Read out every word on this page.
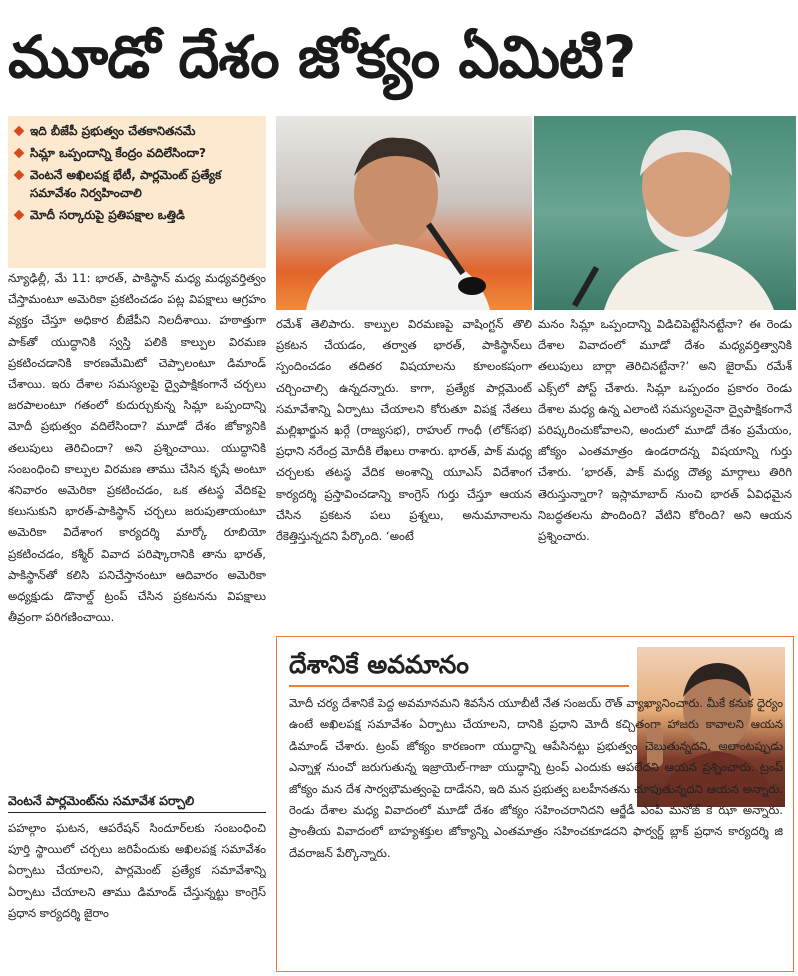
మూడో దేశం జోక్యం ఏమిటి?
ఇది బీజేపీ ప్రభుత్వం చేతకానితనమే
సిమ్లా ఒప్పందాన్ని కేంద్రం వదిలేసిందా?
వెంటనే అఖిలపక్ష భేటీ, పార్లమెంట్ ప్రత్యేక సమావేశం నిర్వహించాలి
మోదీ సర్కారుపై ప్రతిపక్షాల ఒత్తిడి

న్యూఢిల్లీ, మే 11: భారత్, పాకిస్థాన్ మధ్య మధ్యవర్తిత్వం చేస్తామంటూ అమెరికా ప్రకటించడం పట్ల విపక్షాలు ఆగ్రహం వ్యక్తం చేస్తూ అధికార బీజేపీని నిలదీశాయి. హఠాత్తుగా పాక్‌తో యుద్ధానికి స్వస్తి పలికి కాల్పుల విరమణ ప్రకటించడానికి కారణమేమిటో చెప్పాలంటూ డిమాండ్ చేశాయి. ఇరు దేశాల సమస్యలపై ద్వైపాక్షికంగానే చర్చలు జరపాలంటూ గతంలో కుదుర్చుకున్న సిమ్లా ఒప్పందాన్ని మోదీ ప్రభుత్వం వదిలేసిందా? మూడో దేశం జోక్యానికి తలుపులు తెరిచిందా? అని ప్రశ్నించాయి. యుద్ధానికి సంబంధించి కాల్పుల విరమణ తాము చేసిన కృషే అంటూ శనివారం అమెరికా ప్రకటించడం, ఒక తటస్థ వేదికపై కలుసుకుని భారత్-పాకిస్థాన్ చర్చలు జరుపుతాయంటూ అమెరికా విదేశాంగ కార్యదర్శి మార్కో రూబియో ప్రకటించడం, కశ్మీర్ వివాద పరిష్కారానికి తాను భారత్, పాకిస్థాన్‌తో కలిసి పనిచేస్తానంటూ ఆదివారం అమెరికా అధ్యక్షుడు డొనాల్డ్ ట్రంప్ చేసిన ప్రకటనను విపక్షాలు తీవ్రంగా పరిగణించాయి.

వెంటనే పార్లమెంట్‌ను సమావేశ పర్చాలి

పహల్గాం ఘటన, ఆపరేషన్ సిందూర్‌లకు సంబంధించి పూర్తి స్థాయిలో చర్చలు జరిపేందుకు అఖిలపక్ష సమావేశం ఏర్పాటు చేయాలని, పార్లమెంట్ ప్రత్యేక సమావేశాన్ని ఏర్పాటు చేయాలని తాము డిమాండ్ చేస్తున్నట్టు కాంగ్రెస్ ప్రధాన కార్యదర్శి జైరాం

రమేశ్ తెలిపారు. కాల్పుల విరమణపై వాషింగ్టన్ తొలి ప్రకటన చేయడం, తర్వాత భారత్, పాకిస్థాన్‌లు స్పందించడం తదితర విషయాలను కూలంకషంగా చర్చించాల్సి ఉన్నదన్నారు. కాగా, ప్రత్యేక పార్లమెంట్ సమావేశాన్ని ఏర్పాటు చేయాలని కోరుతూ విపక్ష నేతలు మల్లిఖార్జున ఖర్గే (రాజ్యసభ), రాహుల్ గాంధీ (లోక్‌సభ) ప్రధాని నరేంద్ర మోదీకి లేఖలు రాశారు. భారత్, పాక్ మధ్య చర్చలకు తటస్థ వేదిక అంశాన్ని యూఎస్ విదేశాంగ కార్యదర్శి ప్రస్తావించడాన్ని కాంగ్రెస్ గుర్తు చేస్తూ ఆయన చేసిన ప్రకటన పలు ప్రశ్నలు, అనుమానాలను రేకెత్తిస్తున్నదని పేర్కొంది. ‘అంటే

మనం సిమ్లా ఒప్పందాన్ని విడిచిపెట్టేసినట్టేనా? ఈ రెండు దేశాల వివాదంలో మూడో దేశం మధ్యవర్తిత్వానికి తలుపులు బార్లా తెరిచినట్టేనా?’ అని జైరామ్ రమేశ్ ఎక్స్‌లో పోస్ట్ చేశారు. సిమ్లా ఒప్పందం ప్రకారం రెండు దేశాల మధ్య ఉన్న ఎలాంటి సమస్యలనైనా ద్వైపాక్షికంగానే పరిష్కరించుకోవాలని, అందులో మూడో దేశం ప్రమేయం, జోక్యం ఎంతమాత్రం ఉండరాదన్న విషయాన్ని గుర్తు చేశారు. ‘భారత్, పాక్ మధ్య దౌత్య మార్గాలు తిరిగి తెరుస్తున్నారా? ఇస్లామాబాద్ నుంచి భారత్ ఏవిధమైన నిబద్ధతలను పొందింది? వేటిని కోరింది? అని ఆయన ప్రశ్నించారు.

దేశానికే అవమానం
మోదీ చర్య దేశానికే పెద్ద అవమానమని శివసేన యూబీటీ నేత సంజయ్ రౌత్ వ్యాఖ్యానించారు. మీకే కనుక ధైర్యం ఉంటే అఖిలపక్ష సమావేశం ఏర్పాటు చేయాలని, దానికి ప్రధాని మోదీ కచ్చితంగా హాజరు కావాలని ఆయన డిమాండ్ చేశారు. ట్రంప్ జోక్యం కారణంగా యుద్ధాన్ని ఆపేసినట్టు ప్రభుత్వం చెబుతున్నదని, అలాంటప్పుడు ఎన్నాళ్ల నుంచో జరుగుతున్న ఇజ్రాయెల్-గాజా యుద్ధాన్ని ట్రంప్ ఎందుకు ఆపలేదని ఆయన ప్రశ్నించారు. ట్రంప్ జోక్యం మన దేశ సార్వభౌమత్వంపై దాడేనని, ఇది మన ప్రభుత్వ బలహీనతను చూపుతున్నదని ఆయన అన్నారు. రెండు దేశాల మధ్య వివాదంలో మూడో దేశం జోక్యం సహించరానిదని ఆర్జేడీ ఎంపీ మనోజ్ కె ఝా అన్నారు. ప్రాంతీయ వివాదంలో బాహ్యశక్తుల జోక్యాన్ని ఎంతమాత్రం సహించకూడదని ఫార్వర్డ్ బ్లాక్ ప్రధాన కార్యదర్శి జి దేవరాజన్ పేర్కొన్నారు.
